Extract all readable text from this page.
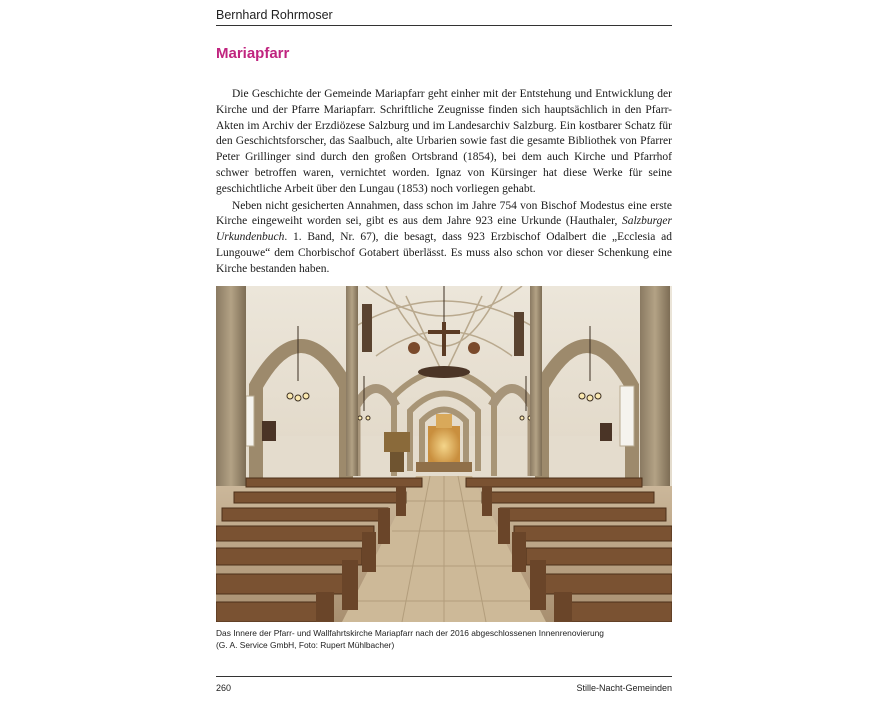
Bernhard Rohrmoser
Mariapfarr

Die Geschichte der Gemeinde Mariapfarr geht einher mit der Entstehung und Entwicklung der Kirche und der Pfarre Mariapfarr. Schriftliche Zeugnisse finden sich hauptsächlich in den Pfarr-Akten im Archiv der Erzdiözese Salzburg und im Landesarchiv Salzburg. Ein kostbarer Schatz für den Geschichtsforscher, das Saalbuch, alte Urbarien sowie fast die gesamte Bibliothek von Pfarrer Peter Grillinger sind durch den großen Ortsbrand (1854), bei dem auch Kirche und Pfarrhof schwer betroffen waren, vernichtet worden. Ignaz von Kürsinger hat diese Werke für seine geschichtliche Arbeit über den Lungau (1853) noch vorliegen gehabt.

Neben nicht gesicherten Annahmen, dass schon im Jahre 754 von Bischof Modestus eine erste Kirche eingeweiht worden sei, gibt es aus dem Jahre 923 eine Urkunde (Hauthaler, Salzburger Urkundenbuch. 1. Band, Nr. 67), die besagt, dass 923 Erzbischof Odalbert die „Ecclesia ad Lungouwe“ dem Chorbischof Gotabert überlässt. Es muss also schon vor dieser Schenkung eine Kirche bestanden haben.

Das Innere der Pfarr- und Wallfahrtskirche Mariapfarr nach der 2016 abgeschlossenen Innenrenovierung
(G. A. Service GmbH, Foto: Rupert Mühlbacher)
260	Stille-Nacht-Gemeinden
